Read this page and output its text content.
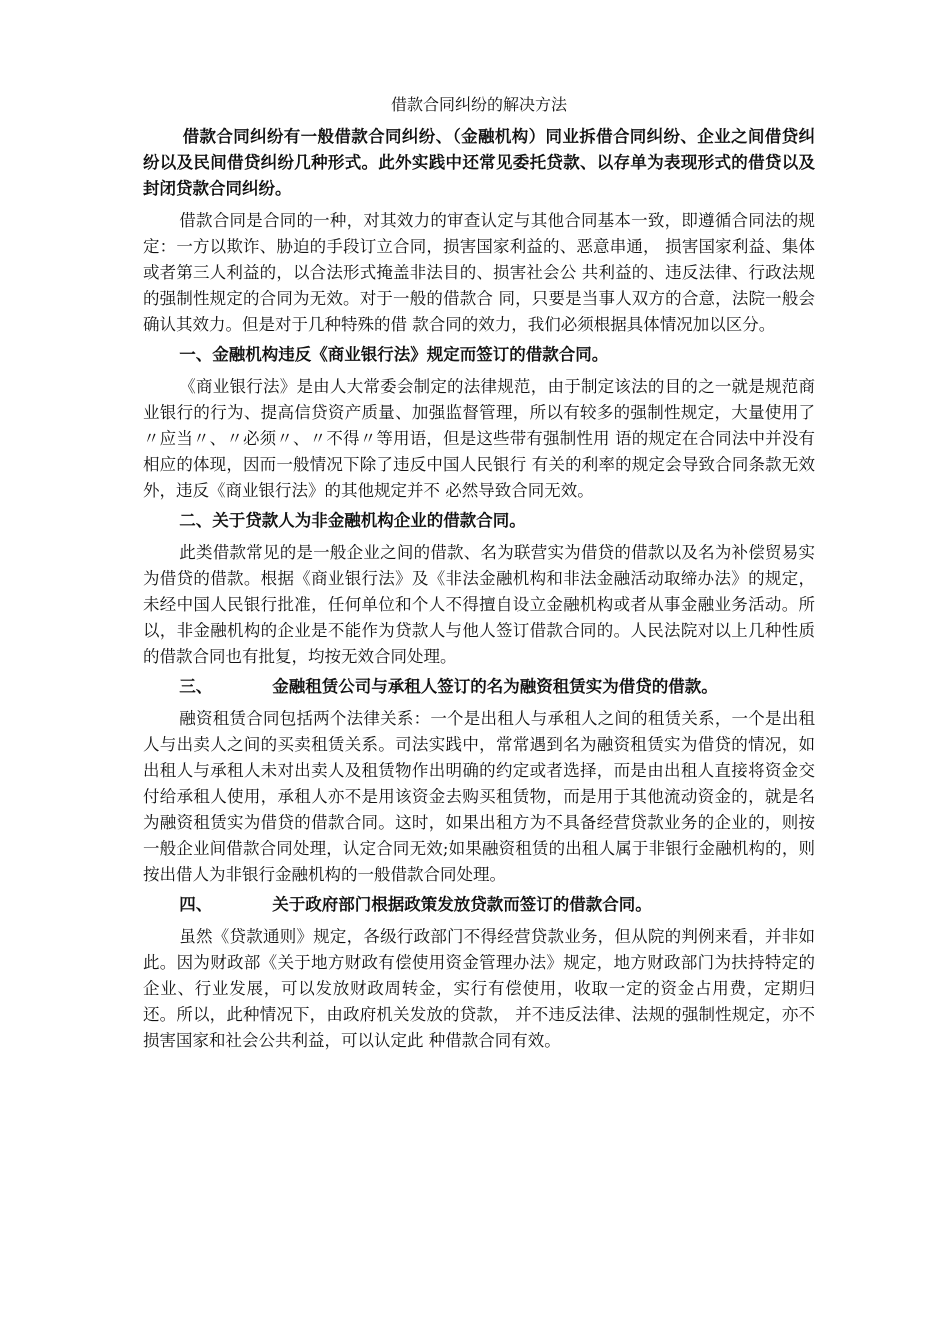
借款合同纠纷的解决方法

借款合同纠纷有一般借款合同纠纷、（金融机构）同业拆借合同纠纷、企业之间借贷纠纷以及民间借贷纠纷几种形式。此外实践中还常见委托贷款、以存单为表现形式的借贷以及封闭贷款合同纠纷。

借款合同是合同的一种，对其效力的审查认定与其他合同基本一致，即遵循合同法的规定：一方以欺诈、胁迫的手段订立合同，损害国家利益的、恶意串通， 损害国家利益、集体或者第三人利益的，以合法形式掩盖非法目的、损害社会公 共利益的、违反法律、行政法规的强制性规定的合同为无效。对于一般的借款合 同，只要是当事人双方的合意，法院一般会确认其效力。但是对于几种特殊的借 款合同的效力，我们必须根据具体情况加以区分。

一、金融机构违反《商业银行法》规定而签订的借款合同。

《商业银行法》是由人大常委会制定的法律规范，由于制定该法的目的之一就是规范商业银行的行为、提高信贷资产质量、加强监督管理，所以有较多的强制性规定，大量使用了〃应当〃、〃必须〃、〃不得〃等用语，但是这些带有强制性用 语的规定在合同法中并没有相应的体现，因而一般情况下除了违反中国人民银行 有关的利率的规定会导致合同条款无效外，违反《商业银行法》的其他规定并不 必然导致合同无效。

二、关于贷款人为非金融机构企业的借款合同。

此类借款常见的是一般企业之间的借款、名为联营实为借贷的借款以及名为补偿贸易实为借贷的借款。根据《商业银行法》及《非法金融机构和非法金融活动取缔办法》的规定，未经中国人民银行批准，任何单位和个人不得擅自设立金融机构或者从事金融业务活动。所以，非金融机构的企业是不能作为贷款人与他人签订借款合同的。人民法院对以上几种性质的借款合同也有批复，均按无效合同处理。

三、	金融租赁公司与承租人签订的名为融资租赁实为借贷的借款。

融资租赁合同包括两个法律关系：一个是出租人与承租人之间的租赁关系，一个是出租人与出卖人之间的买卖租赁关系。司法实践中，常常遇到名为融资租赁实为借贷的情况，如出租人与承租人未对出卖人及租赁物作出明确的约定或者选择，而是由出租人直接将资金交付给承租人使用，承租人亦不是用该资金去购买租赁物，而是用于其他流动资金的，就是名为融资租赁实为借贷的借款合同。这时，如果出租方为不具备经营贷款业务的企业的，则按一般企业间借款合同处理，认定合同无效;如果融资租赁的出租人属于非银行金融机构的，则按出借人为非银行金融机构的一般借款合同处理。

四、	关于政府部门根据政策发放贷款而签订的借款合同。

虽然《贷款通则》规定，各级行政部门不得经营贷款业务，但从院的判例来看，并非如此。因为财政部《关于地方财政有偿使用资金管理办法》规定，地方财政部门为扶持特定的企业、行业发展，可以发放财政周转金，实行有偿使用，收取一定的资金占用费，定期归还。所以，此种情况下，由政府机关发放的贷款， 并不违反法律、法规的强制性规定，亦不损害国家和社会公共利益，可以认定此 种借款合同有效。
